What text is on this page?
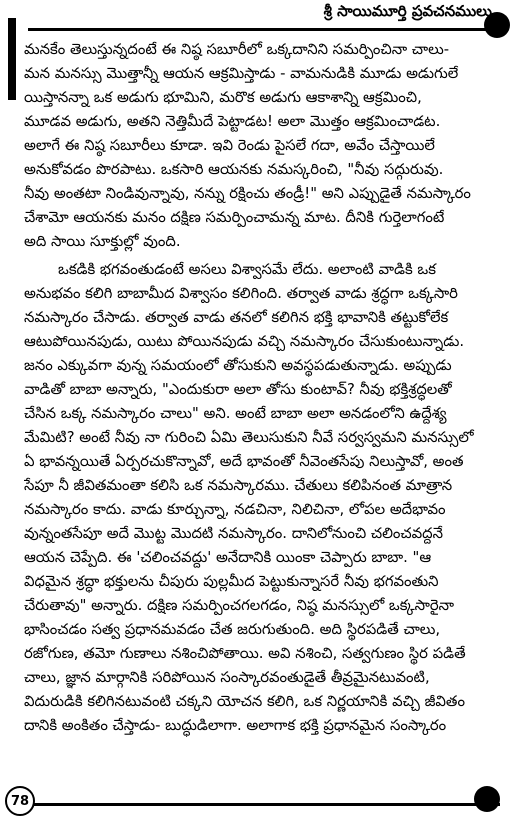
శ్రీ సాయిమూర్తి ప్రవచనములు
మనకేం తెలుస్తున్నదంటే ఈ నిష్ఠ సబూరీలో ఒక్కదానిని సమర్పించినా చాలు-
మన మనస్సు మొత్తాన్నీ ఆయన ఆక్రమిస్తాడు - వామనుడికి మూడు అడుగులే
యిస్తానన్నా ఒక అడుగు భూమిని, మరొక అడుగు ఆకాశాన్ని ఆక్రమించి,
మూడవ అడుగు, అతని నెత్తిమీదే పెట్టాడట! అలా మొత్తం ఆక్రమించాడట.
అలాగే ఈ నిష్ఠ సబూరీలు కూడా. ఇవి రెండు పైసలే గదా, అవేం చేస్తాయిలే
అనుకోవడం పొరపాటు. ఒకసారి ఆయనకు నమస్కరించి, "నీవు సద్గురువు.
నీవు అంతటా నిండివున్నావు, నన్ను రక్షించు తండ్రీ!" అని ఎప్పుడైతే నమస్కారం
చేశామో ఆయనకు మనం దక్షిణ సమర్పించామన్న మాట. దీనికి గుర్తెలాగంటే
అది సాయి సూక్తుల్లో వుంది.
ఒకడికి భగవంతుడంటే అసలు విశ్వాసమే లేదు. అలాంటి వాడికి ఒక
అనుభవం కలిగి బాబామీద విశ్వాసం కలిగింది. తర్వాత వాడు శ్రద్ధగా ఒక్కసారి
నమస్కారం చేసాడు. తర్వాత వాడు తనలో కలిగిన భక్తి భావానికి తట్టుకోలేక
ఆటుపోయినపుడు, యిటు పోయినపుడు వచ్చి నమస్కారం చేసుకుంటున్నాడు.
జనం ఎక్కువగా వున్న సమయంలో తోసుకుని అవస్థపడుతున్నాడు. అప్పుడు
వాడితో బాబా అన్నారు, "ఎందుకురా అలా తోసు కుంటావ్? నీవు భక్తిశ్రద్ధలతో
చేసిన ఒక్క నమస్కారం చాలు" అని. అంటే బాబా అలా అనడంలోని ఉద్దేశ్య
మేమిటి? అంటే నీవు నా గురించి ఏమి తెలుసుకుని నీవే సర్వస్వమని మనస్సులో
ఏ భావన్నయితే ఏర్పరచుకొన్నావో, అదే భావంతో నీవెంతసేపు నిలుస్తావో, అంత
సేపూ నీ జీవితమంతా కలిసి ఒక నమస్కారము. చేతులు కలిపినంత మాత్రాన
నమస్కారం కాదు. వాడు కూర్చున్నా, నడచినా, నిలిచినా, లోపల అదేభావం
వున్నంతసేపూ అదే మొట్ట మొదటి నమస్కారం. దానిలోనుంచి చలించవద్దనే
ఆయన చెప్పేది. ఈ 'చలించవద్దు' అనేదానికి యింకా చెప్పారు బాబా. "ఆ
విధమైన శ్రద్ధా భక్తులను చీపురు పుల్లమీద పెట్టుకున్నాసరే నీవు భగవంతుని
చేరుతావు" అన్నారు. దక్షిణ సమర్పించగలగడం, నిష్ఠ మనస్సులో ఒక్కసారైనా
భాసించడం సత్వ ప్రధానమవడం చేత జరుగుతుంది. అది స్థిరపడితే చాలు,
రజోగుణ, తమో గుణాలు నశించిపోతాయి. అవి నశించి, సత్వగుణం స్థిర పడితే
చాలు, జ్ఞాన మార్గానికి సరిపోయిన సంస్కారవంతుడైతే తీవ్రమైనటువంటి,
విదురుడికి కలిగినటువంటి చక్కని యోచన కలిగి, ఒక నిర్ణయానికి వచ్చి జీవితం
దానికి అంకితం చేస్తాడు- బుద్ధుడిలాగా. అలాగాక భక్తి ప్రధానమైన సంస్కారం
78
